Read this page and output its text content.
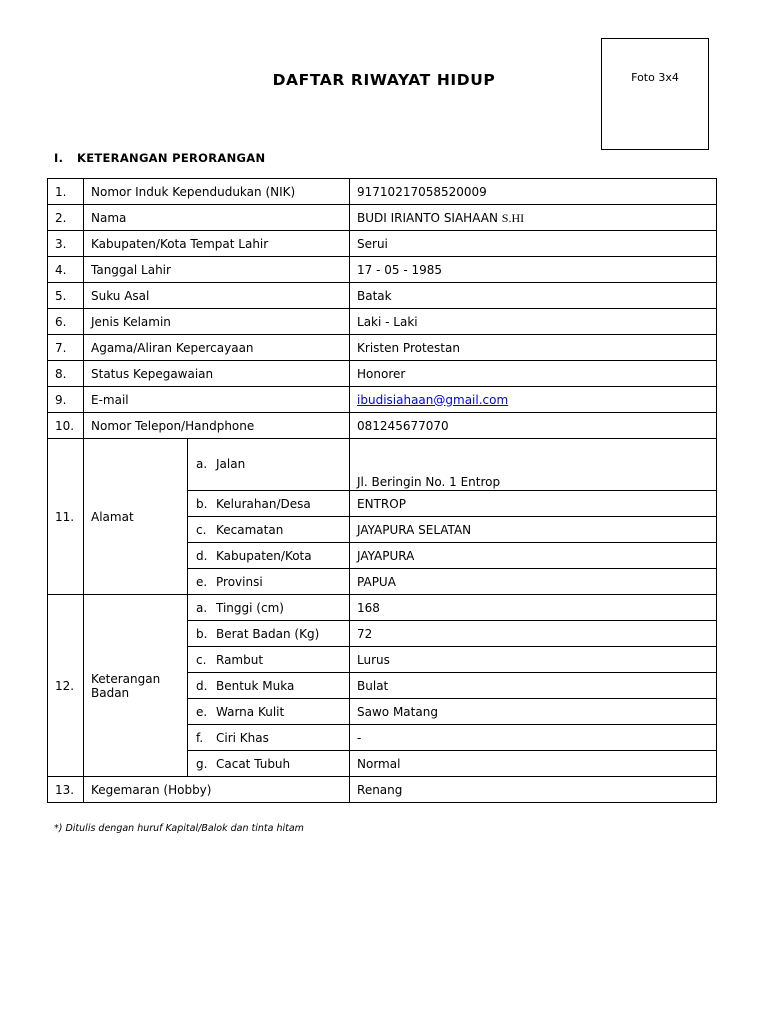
DAFTAR RIWAYAT HIDUP	Foto 3x4
I. KETERANGAN PERORANGAN
1.	Nomor Induk Kependudukan (NIK)		91710217058520009
2.	Nama		BUDI IRIANTO SIAHAAN S.HI
3.	Kabupaten/Kota Tempat Lahir		Serui
4.	Tanggal Lahir		17 - 05 - 1985
5.	Suku Asal		Batak
6.	Jenis Kelamin		Laki - Laki
7.	Agama/Aliran Kepercayaan		Kristen Protestan
8.	Status Kepegawaian		Honorer
9.	E-mail		ibudisiahaan@gmail.com
10.	Nomor Telepon/Handphone		081245677070
11.	Alamat	a. Jalan	Jl. Beringin No. 1 Entrop
		b. Kelurahan/Desa	ENTROP
		c. Kecamatan	JAYAPURA SELATAN
		d. Kabupaten/Kota	JAYAPURA
		e. Provinsi	PAPUA
12.	Keterangan Badan	a. Tinggi (cm)	168
		b. Berat Badan (Kg)	72
		c. Rambut	Lurus
		d. Bentuk Muka	Bulat
		e. Warna Kulit	Sawo Matang
		f. Ciri Khas	-
		g. Cacat Tubuh	Normal
13.	Kegemaran (Hobby)		Renang
*) Ditulis dengan huruf Kapital/Balok dan tinta hitam
